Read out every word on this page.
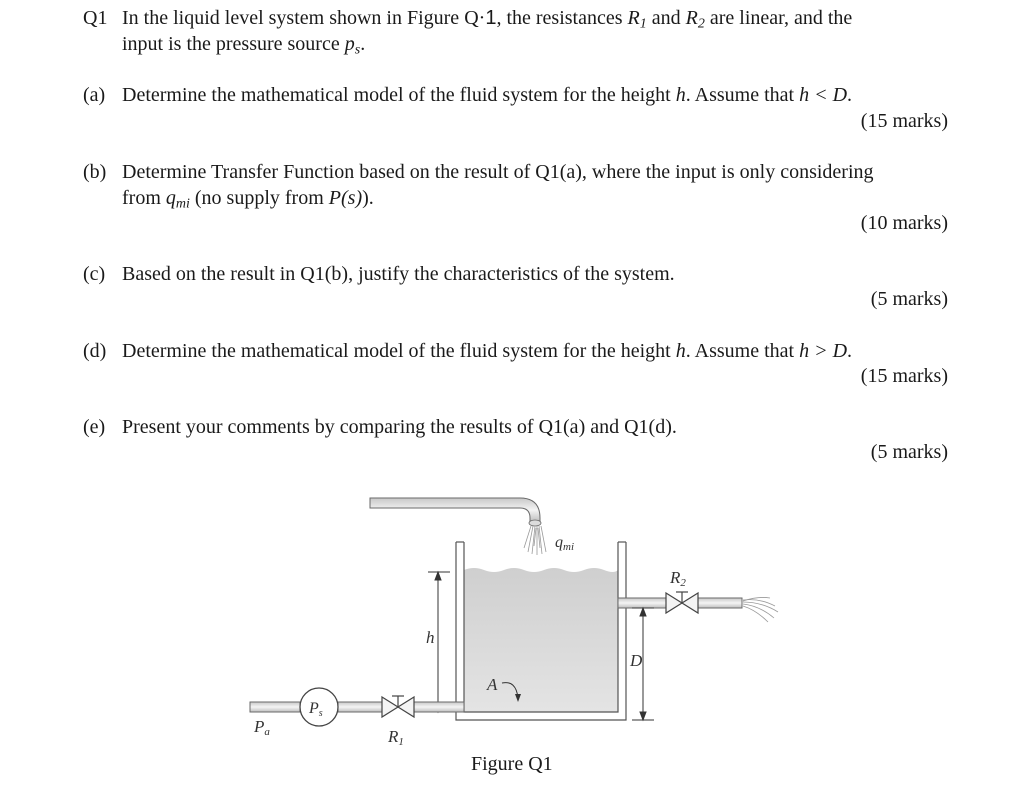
Q1 In the liquid level system shown in Figure Q·1, the resistances $R_1$ and $R_2$ are linear, and the
input is the pressure source $p_s$.
(a) Determine the mathematical model of the fluid system for the height h. Assume that h < D.
(15 marks)
(b) Determine Transfer Function based on the result of Q1(a), where the input is only considering
from $q_{mi}$ (no supply from P(s)).
(10 marks)
(c) Based on the result in Q1(b), justify the characteristics of the system.
(5 marks)
(d) Determine the mathematical model of the fluid system for the height h. Assume that h > D.
(15 marks)
(e) Present your comments by comparing the results of Q1(a) and Q1(d).
(5 marks)
qmi
h
A
R2
D
Ps
R1
Pa
Figure Q1
